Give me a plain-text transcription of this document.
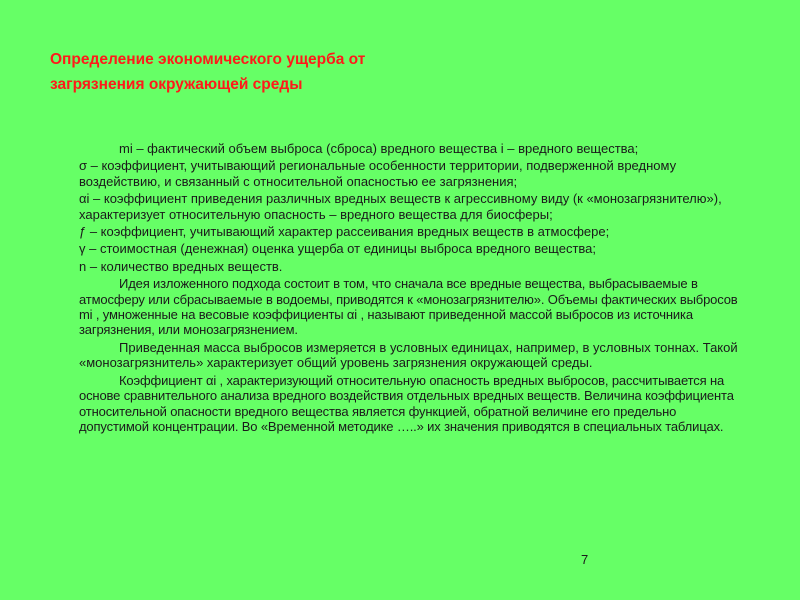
Определение экономического ущерба от
загрязнения окружающей среды

mi – фактический объем выброса (сброса) вредного вещества i – вредного вещества;

σ – коэффициент, учитывающий региональные особенности территории, подверженной вредному воздействию, и связанный с относительной опасностью ее загрязнения;

αi – коэффициент приведения различных вредных веществ к агрессивному виду (к «монозагрязнителю»), характеризует относительную опасность – вредного вещества для биосферы;

ƒ – коэффициент, учитывающий характер рассеивания вредных веществ в атмосфере;

γ – стоимостная (денежная) оценка ущерба от единицы выброса вредного вещества;

n – количество вредных веществ.

Идея изложенного подхода состоит в том, что сначала все вредные вещества, выбрасываемые в атмосферу или сбрасываемые в водоемы, приводятся к «монозагрязнителю». Объемы фактических выбросов mi , умноженные на весовые коэффициенты αi , называют приведенной массой выбросов из источника загрязнения, или монозагрязнением.

Приведенная масса выбросов измеряется в условных единицах, например, в условных тоннах. Такой «монозагрязнитель» характеризует общий уровень загрязнения окружающей среды.

Коэффициент αi , характеризующий относительную опасность вредных выбросов, рассчитывается на основе сравнительного анализа вредного воздействия отдельных вредных веществ. Величина коэффициента относительной опасности вредного вещества является функцией, обратной величине его предельно допустимой концентрации. Во «Временной методике …..» их значения приводятся в специальных таблицах.

7
